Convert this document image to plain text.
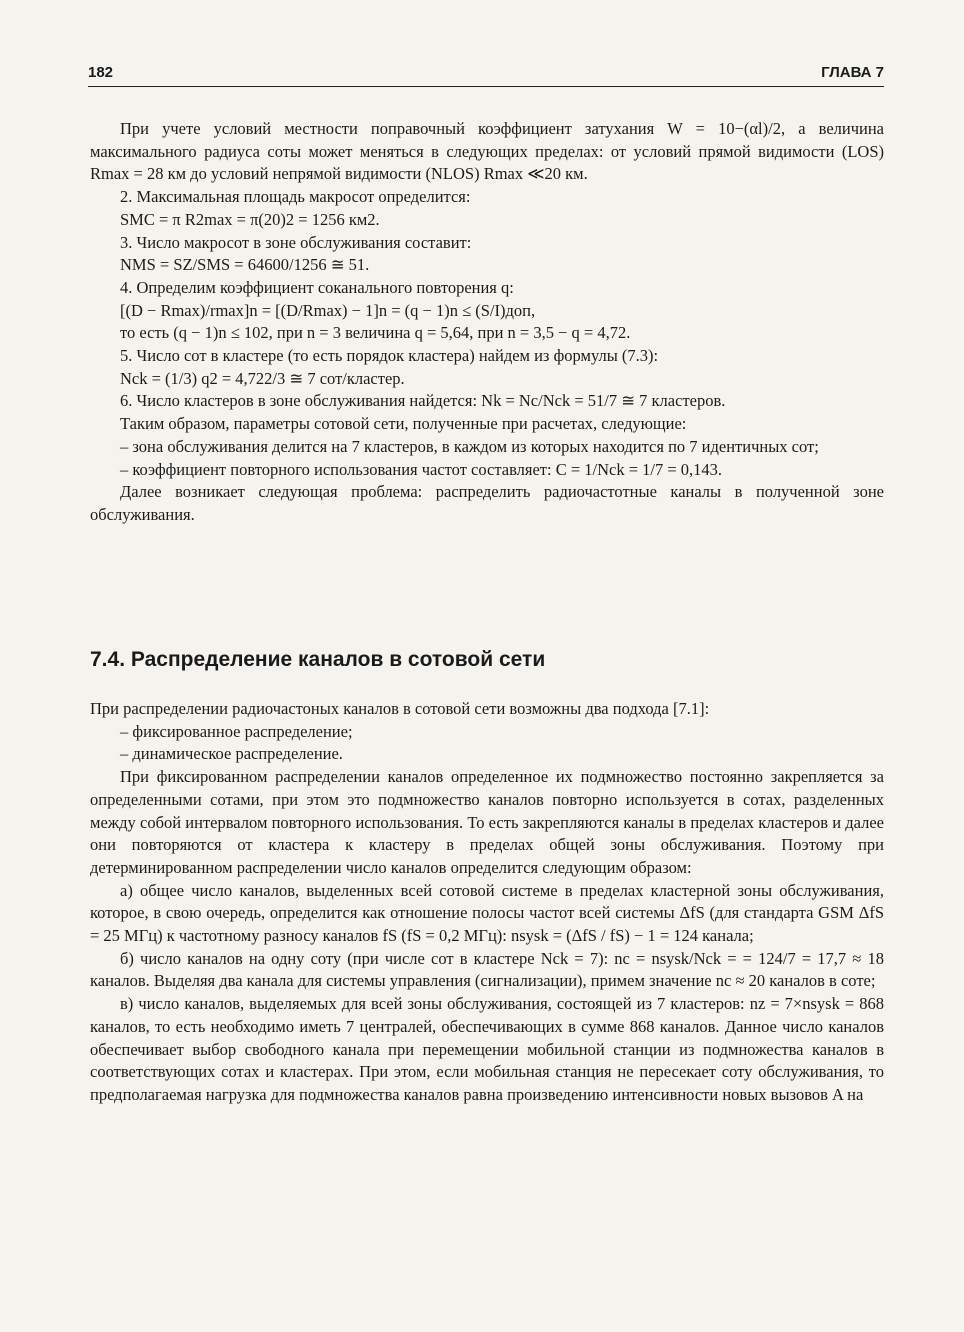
182	ГЛАВА 7

При учете условий местности поправочный коэффициент затухания W = 10−(αl)/2, а величина максимального радиуса соты может меняться в следующих пределах: от условий прямой видимости (LOS) Rmax = 28 км до условий непрямой видимости (NLOS) Rmax ≪20 км.

2. Максимальная площадь макросот определится:

SMC = π R2max = π(20)2 = 1256 км2.

3. Число макросот в зоне обслуживания составит:

NMS = SZ/SMS = 64600/1256 ≅ 51.

4. Определим коэффициент соканального повторения q:

[(D − Rmax)/rmax]n = [(D/Rmax) − 1]n = (q − 1)n ≤ (S/I)доп,

то есть (q − 1)n ≤ 102, при n = 3 величина q = 5,64, при n = 3,5 − q = 4,72.

5. Число сот в кластере (то есть порядок кластера) найдем из формулы (7.3):

Nck = (1/3) q2 = 4,722/3 ≅ 7 сот/кластер.

6. Число кластеров в зоне обслуживания найдется: Nk = Nc/Nck = 51/7 ≅ 7 кластеров.

Таким образом, параметры сотовой сети, полученные при расчетах, следующие:

– зона обслуживания делится на 7 кластеров, в каждом из которых находится по 7 идентичных сот;

– коэффициент повторного использования частот составляет: C = 1/Nck = 1/7 = 0,143.

Далее возникает следующая проблема: распределить радиочастотные каналы в полученной зоне обслуживания.

7.4. Распределение каналов в сотовой сети

При распределении радиочастоных каналов в сотовой сети возможны два подхода [7.1]:

– фиксированное распределение;

– динамическое распределение.

При фиксированном распределении каналов определенное их подмножество постоянно закрепляется за определенными сотами, при этом это подмножество каналов повторно используется в сотах, разделенных между собой интервалом повторного использования. То есть закрепляются каналы в пределах кластеров и далее они повторяются от кластера к кластеру в пределах общей зоны обслуживания. Поэтому при детерминированном распределении число каналов определится следующим образом:

а) общее число каналов, выделенных всей сотовой системе в пределах кластерной зоны обслуживания, которое, в свою очередь, определится как отношение полосы частот всей системы ΔfS (для стандарта GSM ΔfS = 25 МГц) к частотному разносу каналов fS (fS = 0,2 МГц): nsysk = (ΔfS / fS) − 1 = 124 канала;

б) число каналов на одну соту (при числе сот в кластере Nck = 7): nc = nsysk/Nck = = 124/7 = 17,7 ≈ 18 каналов. Выделяя два канала для системы управления (сигнализации), примем значение nc ≈ 20 каналов в соте;

в) число каналов, выделяемых для всей зоны обслуживания, состоящей из 7 кластеров: nz = 7×nsysk = 868 каналов, то есть необходимо иметь 7 централей, обеспечивающих в сумме 868 каналов. Данное число каналов обеспечивает выбор свободного канала при перемещении мобильной станции из подмножества каналов в соответствующих сотах и кластерах. При этом, если мобильная станция не пересекает соту обслуживания, то предполагаемая нагрузка для подмножества каналов равна произведению интенсивности новых вызовов A на
